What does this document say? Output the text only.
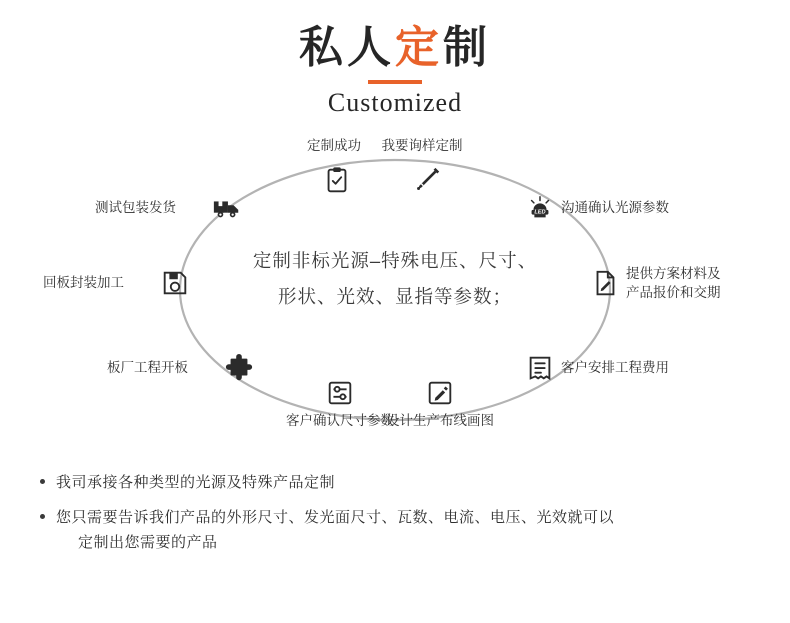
私人定制
Customized
定制非标光源–特殊电压、尺寸、
形状、光效、显指等参数；
我要询样定制
LED 沟通确认光源参数
提供方案材料及
产品报价和交期
客户安排工程费用
设计生产布线画图
客户确认尺寸参数
板厂工程开板
回板封装加工
测试包装发货
定制成功
我司承接各种类型的光源及特殊产品定制
您只需要告诉我们产品的外形尺寸、发光面尺寸、瓦数、电流、电压、光效就可以
定制出您需要的产品
